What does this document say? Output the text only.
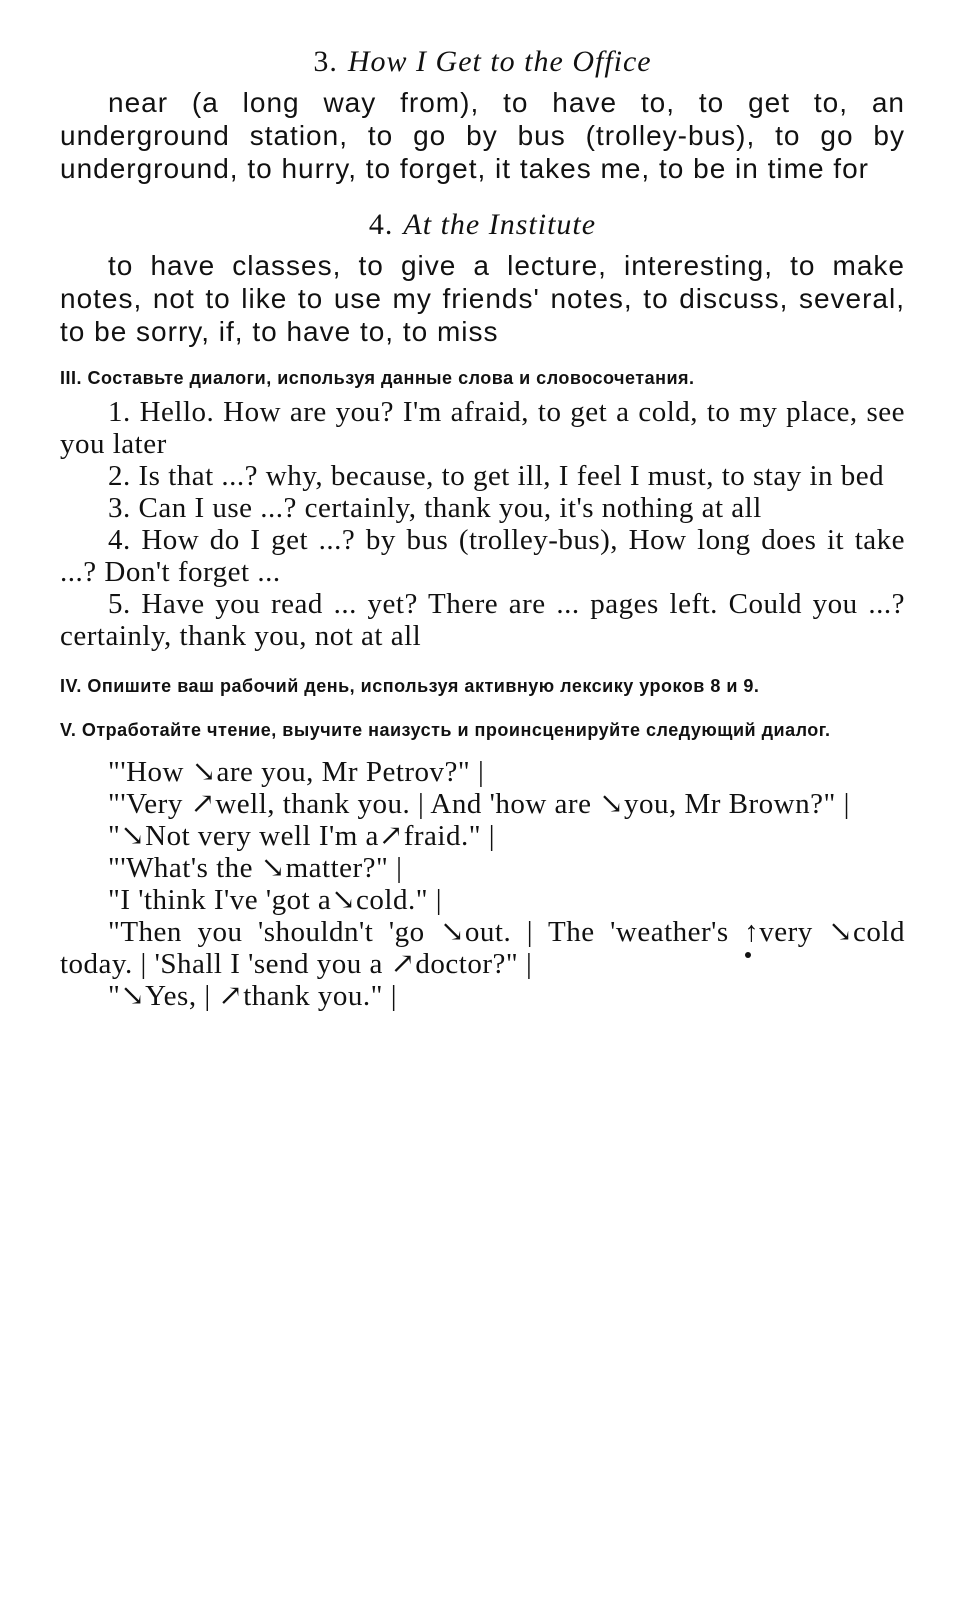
3. How I Get to the Office

near (a long way from), to have to, to get to, an underground station, to go by bus (trolley-bus), to go by underground, to hurry, to forget, it takes me, to be in time for

4. At the Institute

to have classes, to give a lecture, interesting, to make notes, not to like to use my friends' notes, to discuss, several, to be sorry, if, to have to, to miss

III. Составьте диалоги, используя данные слова и словосочетания.

1. Hello. How are you? I'm afraid, to get a cold, to my place, see you later

2. Is that ...? why, because, to get ill, I feel I must, to stay in bed

3. Can I use ...? certainly, thank you, it's nothing at all

4. How do I get ...? by bus (trolley-bus), How long does it take ...? Don't forget ...

5. Have you read ... yet? There are ... pages left. Could you ...? certainly, thank you, not at all

IV. Опишите ваш рабочий день, используя активную лексику уроков 8 и 9.

V. Отработайте чтение, выучите наизусть и проинсценируйте следующий диалог.

"'How ↘are you, Mr Petrov?" |

"'Very ↗well, thank you. | And 'how are ↘you, Mr Brown?" |

"↘Not very well I'm a↗fraid." |

"'What's the ↘matter?" |

"I 'think I've 'got a↘cold." |

"Then you 'shouldn't 'go ↘out. | The 'weather's ↑very ↘cold today. | 'Shall I 'send you a ↗doctor?" |

"↘Yes, | ↗thank you." |
